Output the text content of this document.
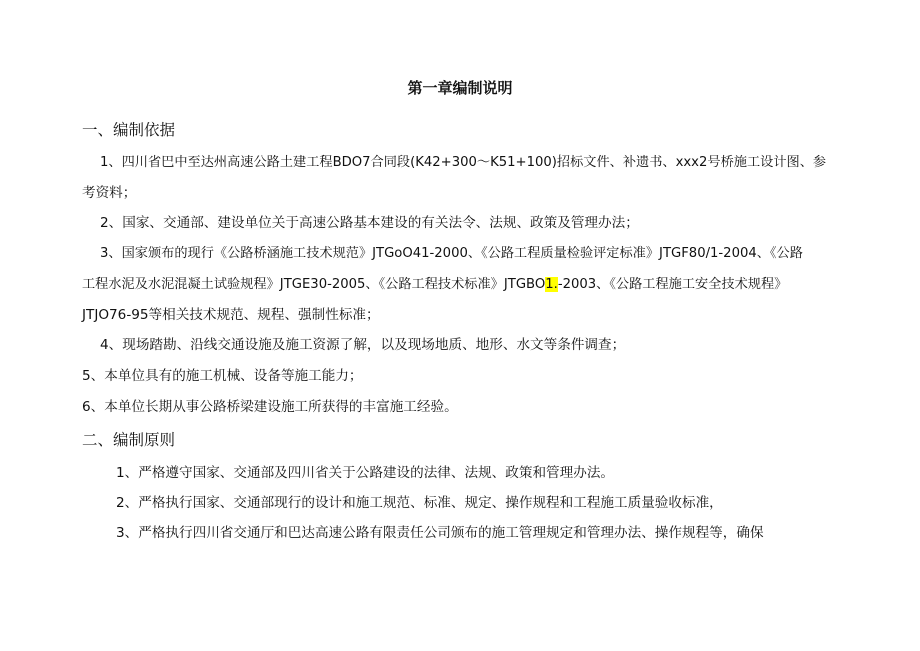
第一章编制说明
一、编制依据
1、四川省巴中至达州高速公路土建工程BDO7合同段(K42+300～K51+100)招标文件、补遗书、xxx2号桥施工设计图、参
考资料；
2、国家、交通部、建设单位关于高速公路基本建设的有关法令、法规、政策及管理办法；
3、国家颁布的现行《公路桥涵施工技术规范》JTGoO41-2000、《公路工程质量检验评定标准》JTGF80/1-2004、《公路
工程水泥及水泥混凝土试验规程》JTGE30-2005、《公路工程技术标准》JTGBO1.-2003、《公路工程施工安全技术规程》
JTJO76-95等相关技术规范、规程、强制性标准；
4、现场踏勘、沿线交通设施及施工资源了解，以及现场地质、地形、水文等条件调查；
5、本单位具有的施工机械、设备等施工能力；
6、本单位长期从事公路桥梁建设施工所获得的丰富施工经验。
二、编制原则
1、严格遵守国家、交通部及四川省关于公路建设的法律、法规、政策和管理办法。
2、严格执行国家、交通部现行的设计和施工规范、标准、规定、操作规程和工程施工质量验收标准，
3、严格执行四川省交通厅和巴达高速公路有限责任公司颁布的施工管理规定和管理办法、操作规程等，确保
